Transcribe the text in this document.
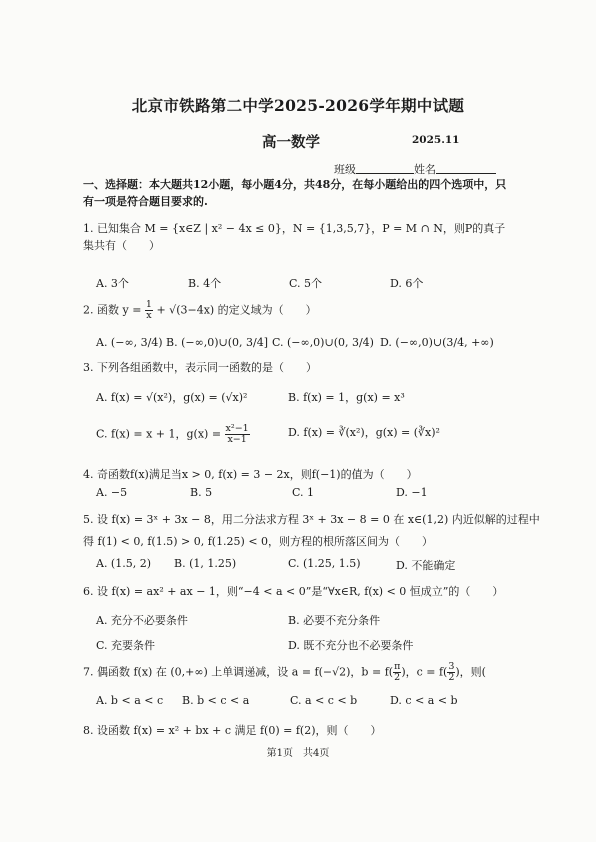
北京市铁路第二中学2025-2026学年期中试题
高一数学	2025.11
班级	姓名
一、选择题：本大题共12小题，每小题4分，共48分，在每小题给出的四个选项中，只有一项是符合题目要求的.
1. 已知集合 M = {x∈Z | x² − 4x ≤ 0}，N = {1,3,5,7}，P = M ∩ N，则P的真子集共有（　　）
A. 3个	B. 4个	C. 5个	D. 6个
2. 函数 $y = \frac{1}{x} + √(3-4x)$ 的定义域为（　　）
A. (−∞, 3/4) B. (−∞,0)∪(0, 3/4] C. (−∞,0)∪(0, 3/4) D. (−∞,0)∪(3/4, +∞)
3. 下列各组函数中，表示同一函数的是（　　）
A. f(x) = √(x²)，g(x) = (√x)²	B. f(x) = 1，g(x) = x³
C. f(x) = x + 1，$g(x) = \frac{\text{x²−1}}{x-1}$	D. f(x) = ∛(x²)，g(x) = (∛x)²
4. 奇函数f(x)满足当x > 0, f(x) = 3 − 2x，则f(−1)的值为（　　）
A. −5	B. 5	C. 1	D. −1
5. 设 f(x) = 3ˣ + 3x − 8，用二分法求方程 3ˣ + 3x − 8 = 0 在 x∈(1,2) 内近似解的过程中
得 f(1) < 0, f(1.5) > 0, f(1.25) < 0，则方程的根所落区间为（　　）
A. (1.5, 2) B. (1, 1.25)	C. (1.25, 1.5)	D. 不能确定
6. 设 f(x) = ax² + ax − 1，则“−4 < a < 0”是“∀x∈R, f(x) < 0 恒成立”的（　　）
A. 充分不必要条件	B. 必要不充分条件
C. 充要条件	D. 既不充分也不必要条件
7. 偶函数 f(x) 在 (0,+∞) 上单调递减，设 a = f(−√2)，$b = f( \frac{\pi}{2}$ )，$c = f( \frac{3}{2}$ )，则(
A. b < a < c B. b < c < a	C. a < c < b	D. c < a < b
8. 设函数 f(x) = x² + bx + c 满足 f(0) = f(2)，则（　　）
第1页　共4页
